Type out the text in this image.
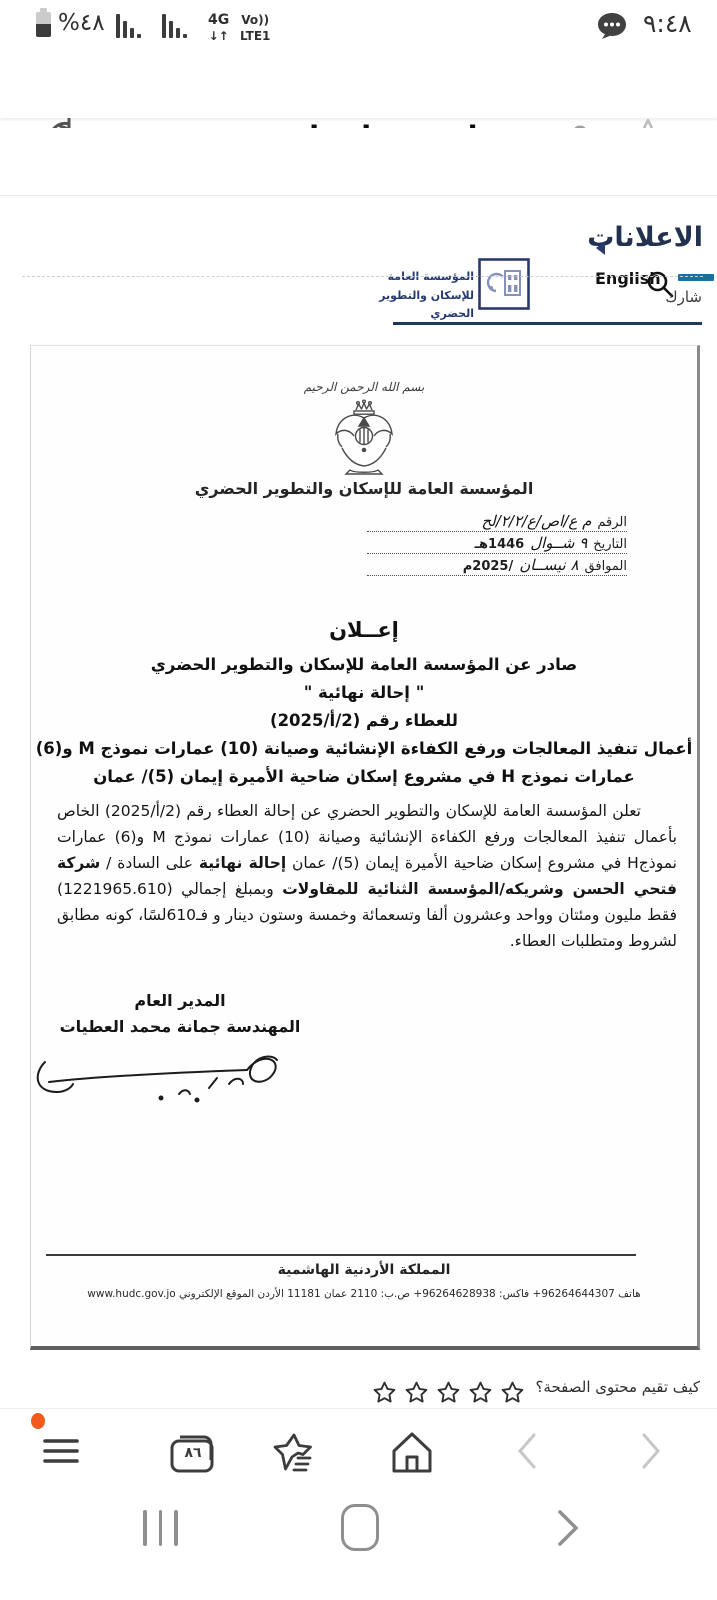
%٤٨	4G
↓↑
Vo))
LTE1	٩:٤٨
المؤسسة العامة
للإسكان والتطوير الحضري
English
الاعلانات
شارك
بسم الله الرحمن الرحيم
المؤسسة العامة للإسكان والتطوير الحضري
الرقم
م ع/اص/ع/٢/٢/لح
التاريخ
٩ شــوال
1446هـ
الموافق
٨ نيســان
/2025م
إعــلان
صادر عن المؤسسة العامة للإسكان والتطوير الحضري
" إحالة نهائية "
للعطاء رقم (2/أ/2025)
أعمال تنفيذ المعالجات ورفع الكفاءة الإنشائية وصيانة (10) عمارات نموذج M و(6)
عمارات نموذج H في مشروع إسكان ضاحية الأميرة إيمان (5)/ عمان

تعلن المؤسسة العامة للإسكان والتطوير الحضري عن إحالة العطاء رقم (2/أ/2025) الخاص بأعمال تنفيذ المعالجات ورفع الكفاءة الإنشائية وصيانة (10) عمارات نموذج M و(6) عمارات نموذجH في مشروع إسكان ضاحية الأميرة إيمان (5)/ عمان إحالة نهائية على السادة / شركة فتحي الحسن وشريكه/المؤسسة الثنائية للمقاولات وبمبلغ إجمالي (1221965.610) فقط مليون ومئتان وواحد وعشرون ألفا وتسعمائة وخمسة وستون دينار و فـ610لسًا، كونه مطابق لشروط ومتطلبات العطاء.

المدير العام
المهندسة جمانة محمد العطيات
المملكة الأردنية الهاشمية
هاتف 96264644307+ فاكس: 96264628938+ ص.ب: 2110 عمان 11181 الأردن الموقع الإلكتروني www.hudc.gov.jo
كيف تقيم محتوى الصفحة؟
٨٦
